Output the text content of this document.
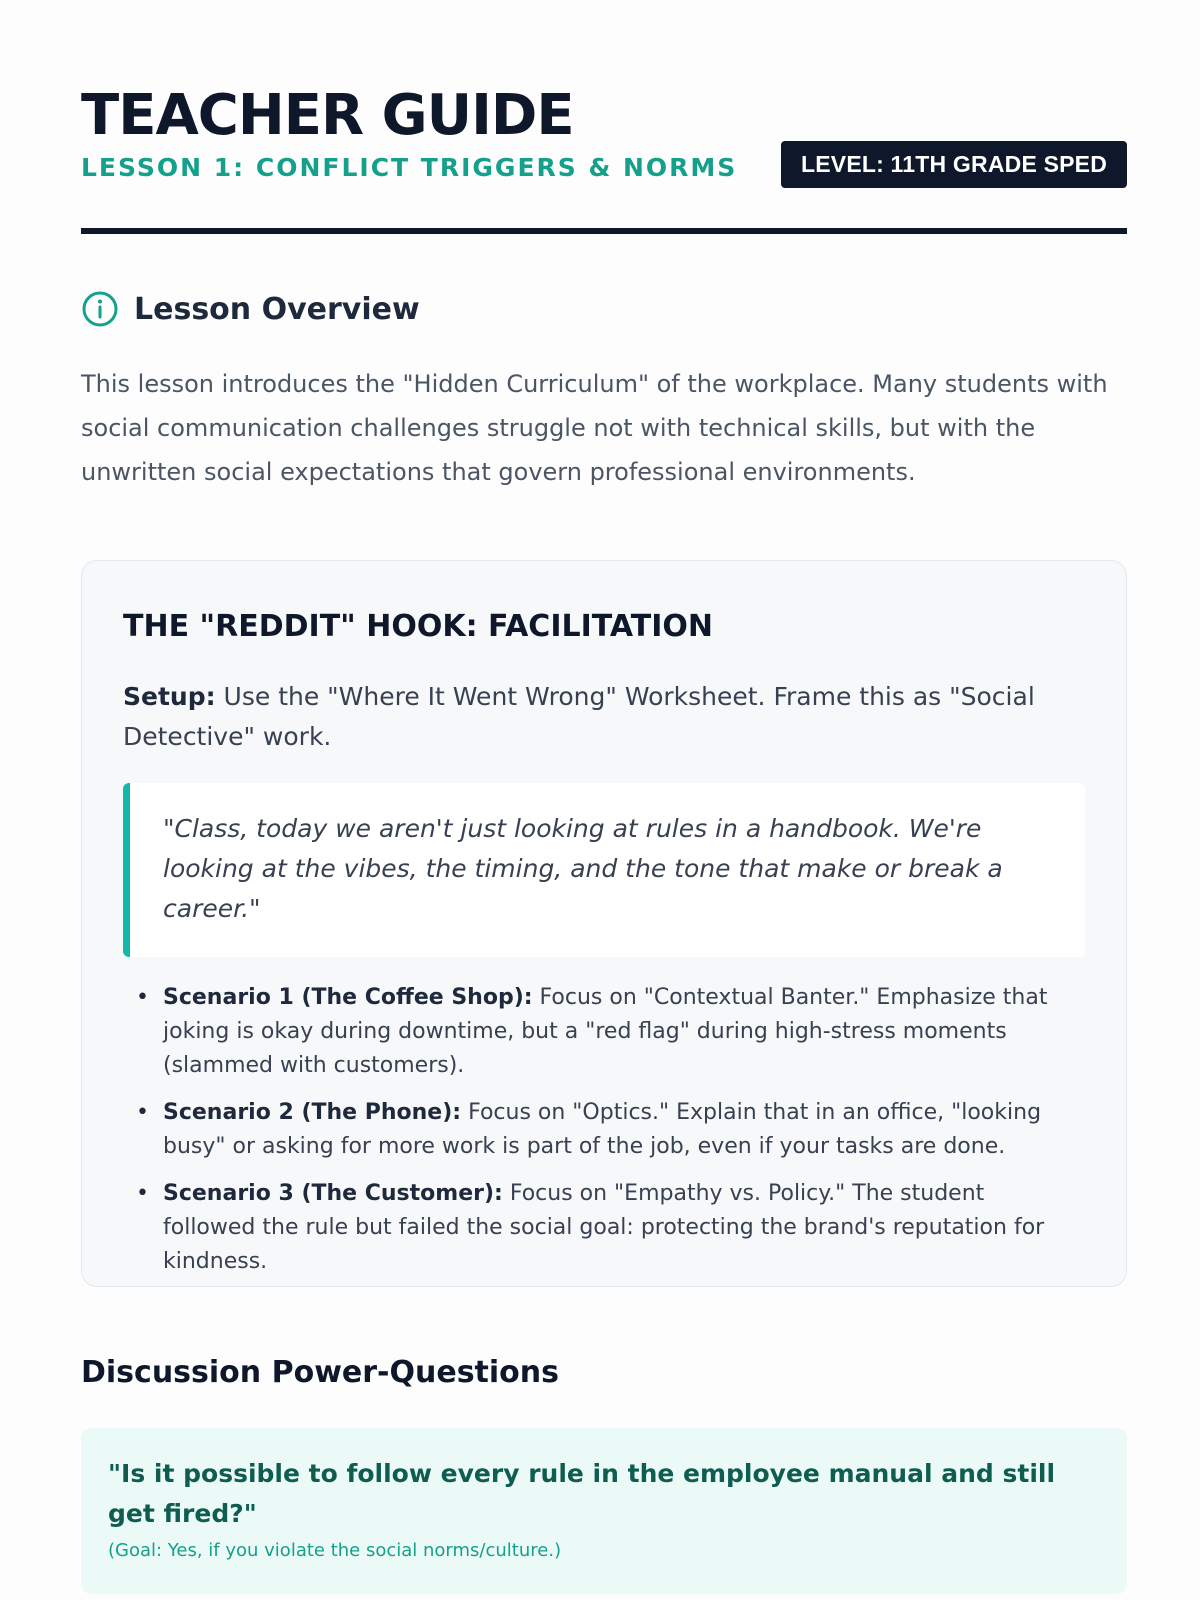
TEACHER GUIDE
LESSON 1: CONFLICT TRIGGERS & NORMS	LEVEL: 11TH GRADE SPED
Lesson Overview

This lesson introduces the "Hidden Curriculum" of the workplace. Many students with social communication challenges struggle not with technical skills, but with the unwritten social expectations that govern professional environments.

THE "REDDIT" HOOK: FACILITATION

Setup: Use the "Where It Went Wrong" Worksheet. Frame this as "Social Detective" work.

"Class, today we aren't just looking at rules in a handbook. We're looking at the vibes, the timing, and the tone that make or break a career."
• Scenario 1 (The Coffee Shop): Focus on "Contextual Banter." Emphasize that joking is okay during downtime, but a "red flag" during high-stress moments (slammed with customers).
• Scenario 2 (The Phone): Focus on "Optics." Explain that in an office, "looking busy" or asking for more work is part of the job, even if your tasks are done.
• Scenario 3 (The Customer): Focus on "Empathy vs. Policy." The student followed the rule but failed the social goal: protecting the brand's reputation for kindness.
Discussion Power-Questions

"Is it possible to follow every rule in the employee manual and still get fired?"

(Goal: Yes, if you violate the social norms/culture.)
